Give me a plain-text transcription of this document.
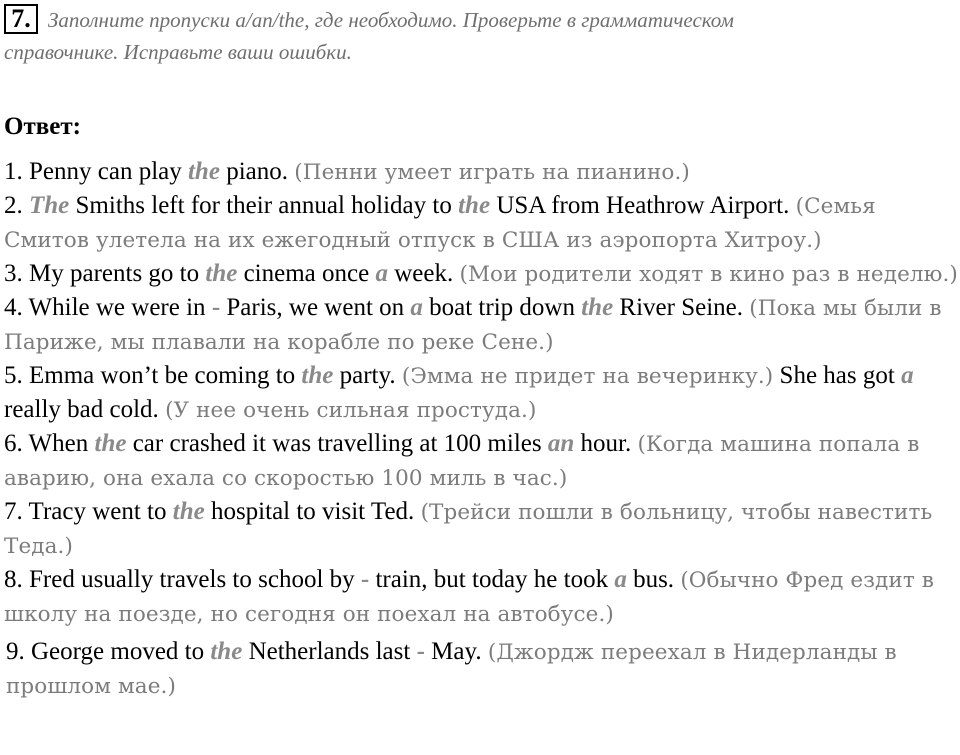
7. Заполните пропуски a/an/the, где необходимо. Проверьте в грамматическом
справочнике. Исправьте ваши ошибки.
Ответ:
1. Penny can play the piano. (Пенни умеет играть на пианино.)
2. The Smiths left for their annual holiday to the USA from Heathrow Airport. (Семья Смитов улетела на их ежегодный отпуск в США из аэропорта Хитроу.)
3. My parents go to the cinema once a week. (Мои родители ходят в кино раз в неделю.)
4. While we were in - Paris, we went on a boat trip down the River Seine. (Пока мы были в Париже, мы плавали на корабле по реке Сене.)
5. Emma won’t be coming to the party. (Эмма не придет на вечеринку.) She has got a really bad cold. (У нее очень сильная простуда.)
6. When the car crashed it was travelling at 100 miles an hour. (Когда машина попала в аварию, она ехала со скоростью 100 миль в час.)
7. Tracy went to the hospital to visit Ted. (Трейси пошли в больницу, чтобы навестить Теда.)
8. Fred usually travels to school by - train, but today he took a bus. (Обычно Фред ездит в школу на поезде, но сегодня он поехал на автобусе.)
9. George moved to the Netherlands last - May. (Джордж переехал в Нидерланды в прошлом мае.)
